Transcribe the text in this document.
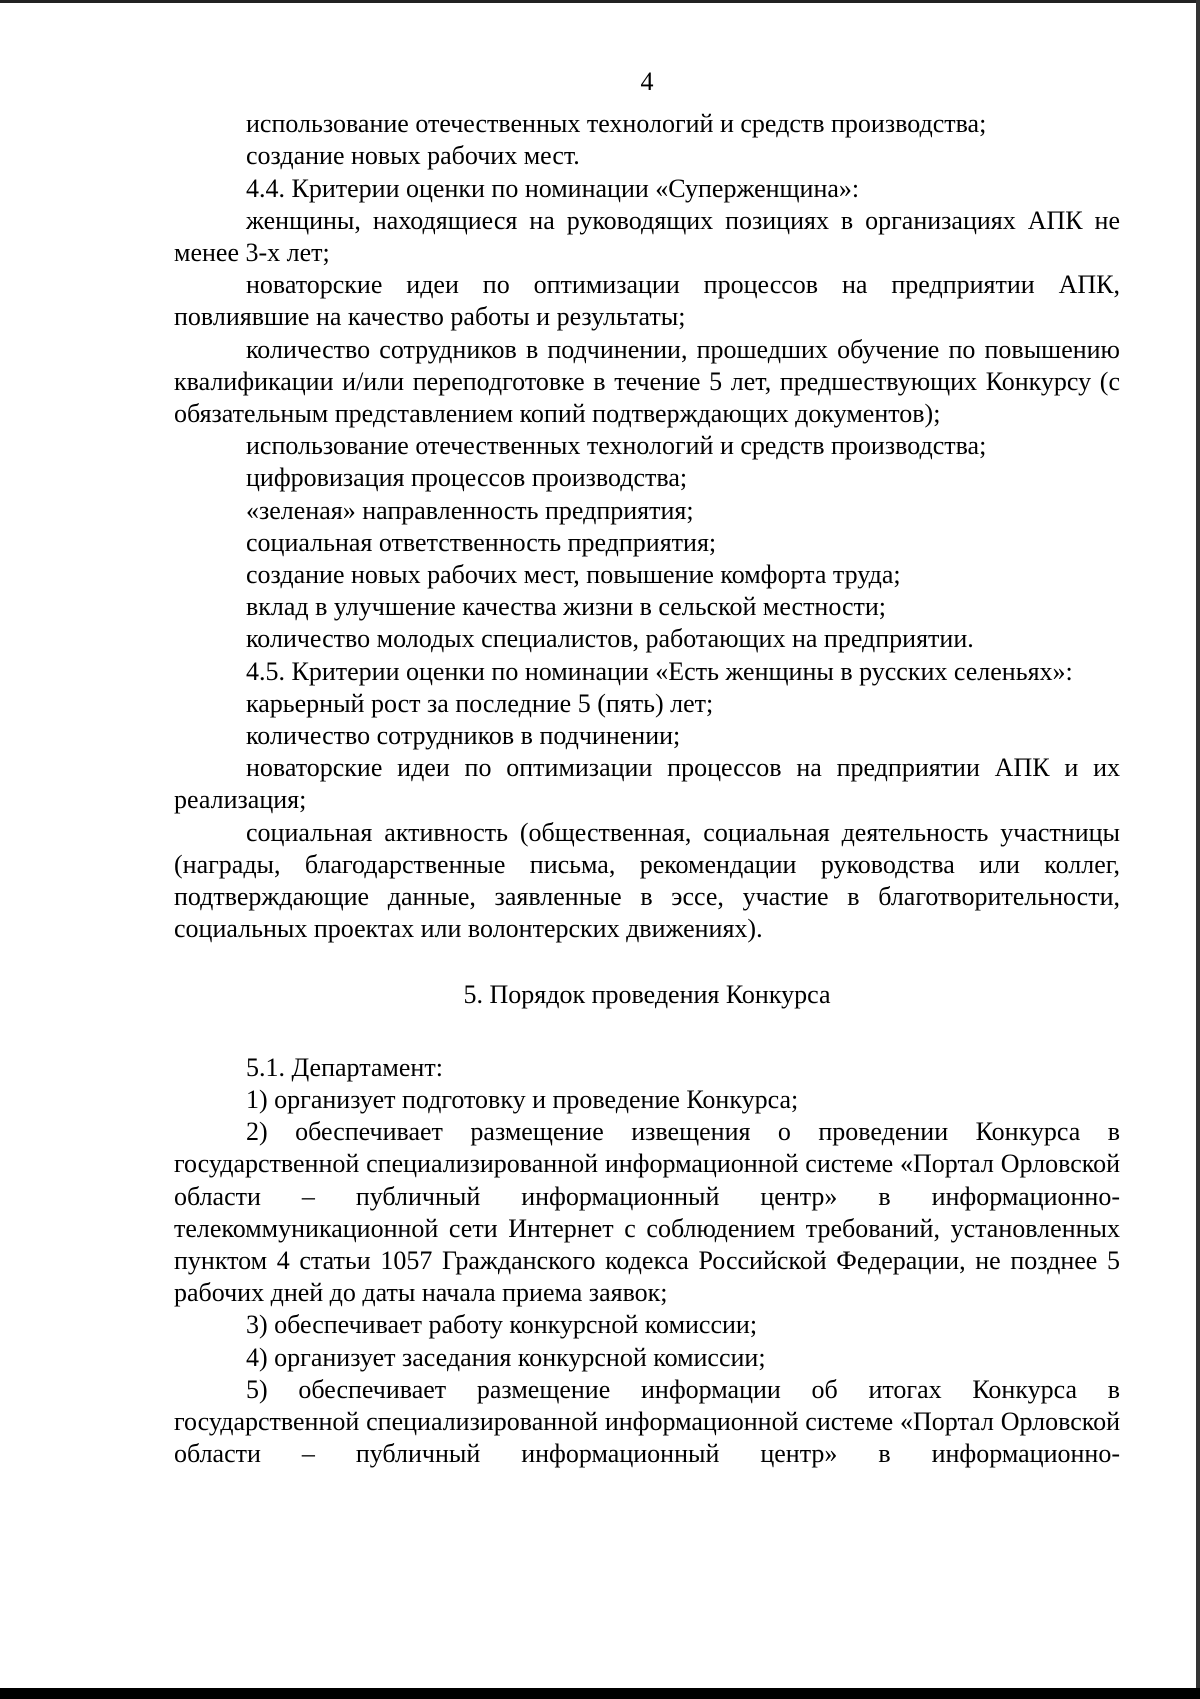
4

использование отечественных технологий и средств производства;

создание новых рабочих мест.

4.4. Критерии оценки по номинации «Суперженщина»:

женщины, находящиеся на руководящих позициях в организациях АПК не менее 3-х лет;

новаторские идеи по оптимизации процессов на предприятии АПК, повлиявшие на качество работы и результаты;

количество сотрудников в подчинении, прошедших обучение по повышению квалификации и/или переподготовке в течение 5 лет, предшествующих Конкурсу (с обязательным представлением копий подтверждающих документов);

использование отечественных технологий и средств производства;

цифровизация процессов производства;

«зеленая» направленность предприятия;

социальная ответственность предприятия;

создание новых рабочих мест, повышение комфорта труда;

вклад в улучшение качества жизни в сельской местности;

количество молодых специалистов, работающих на предприятии.

4.5. Критерии оценки по номинации «Есть женщины в русских селеньях»:

карьерный рост за последние 5 (пять) лет;

количество сотрудников в подчинении;

новаторские идеи по оптимизации процессов на предприятии АПК и их реализация;

социальная активность (общественная, социальная деятельность участницы (награды, благодарственные письма, рекомендации руководства или коллег, подтверждающие данные, заявленные в эссе, участие в благотворительности, социальных проектах или волонтерских движениях).

5. Порядок проведения Конкурса

5.1. Департамент:

1) организует подготовку и проведение Конкурса;

2) обеспечивает размещение извещения о проведении Конкурса в государственной специализированной информационной системе «Портал Орловской области – публичный информационный центр» в информационно-телекоммуникационной сети Интернет с соблюдением требований, установленных пунктом 4 статьи 1057 Гражданского кодекса Российской Федерации, не позднее 5 рабочих дней до даты начала приема заявок;

3) обеспечивает работу конкурсной комиссии;

4) организует заседания конкурсной комиссии;

5) обеспечивает размещение информации об итогах Конкурса в государственной специализированной информационной системе «Портал Орловской области – публичный информационный центр» в информационно-
